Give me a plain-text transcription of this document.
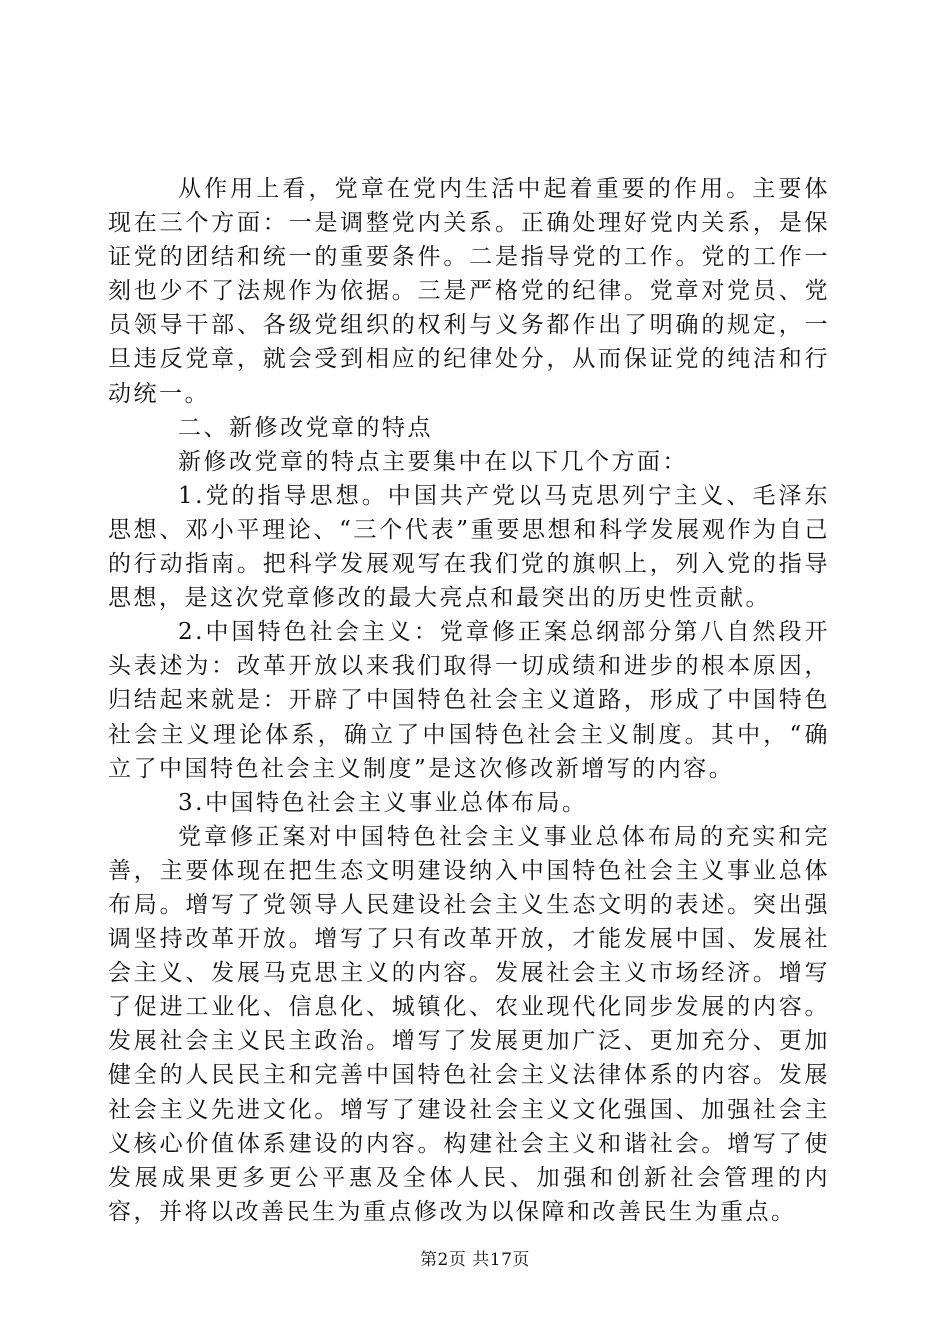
从作用上看，党章在党内生活中起着重要的作用。主要体现在三个方面：一是调整党内关系。正确处理好党内关系，是保证党的团结和统一的重要条件。二是指导党的工作。党的工作一刻也少不了法规作为依据。三是严格党的纪律。党章对党员、党员领导干部、各级党组织的权利与义务都作出了明确的规定，一旦违反党章，就会受到相应的纪律处分，从而保证党的纯洁和行动统一。

二、新修改党章的特点

新修改党章的特点主要集中在以下几个方面：

1.党的指导思想。中国共产党以马克思列宁主义、毛泽东思想、邓小平理论、“三个代表”重要思想和科学发展观作为自己的行动指南。把科学发展观写在我们党的旗帜上，列入党的指导思想，是这次党章修改的最大亮点和最突出的历史性贡献。

2.中国特色社会主义：党章修正案总纲部分第八自然段开头表述为：改革开放以来我们取得一切成绩和进步的根本原因，归结起来就是：开辟了中国特色社会主义道路，形成了中国特色社会主义理论体系，确立了中国特色社会主义制度。其中，“确立了中国特色社会主义制度”是这次修改新增写的内容。

3.中国特色社会主义事业总体布局。

党章修正案对中国特色社会主义事业总体布局的充实和完善，主要体现在把生态文明建设纳入中国特色社会主义事业总体布局。增写了党领导人民建设社会主义生态文明的表述。突出强调坚持改革开放。增写了只有改革开放，才能发展中国、发展社会主义、发展马克思主义的内容。发展社会主义市场经济。增写了促进工业化、信息化、城镇化、农业现代化同步发展的内容。发展社会主义民主政治。增写了发展更加广泛、更加充分、更加健全的人民民主和完善中国特色社会主义法律体系的内容。发展社会主义先进文化。增写了建设社会主义文化强国、加强社会主义核心价值体系建设的内容。构建社会主义和谐社会。增写了使发展成果更多更公平惠及全体人民、加强和创新社会管理的内容，并将以改善民生为重点修改为以保障和改善民生为重点。

第2页 共17页
